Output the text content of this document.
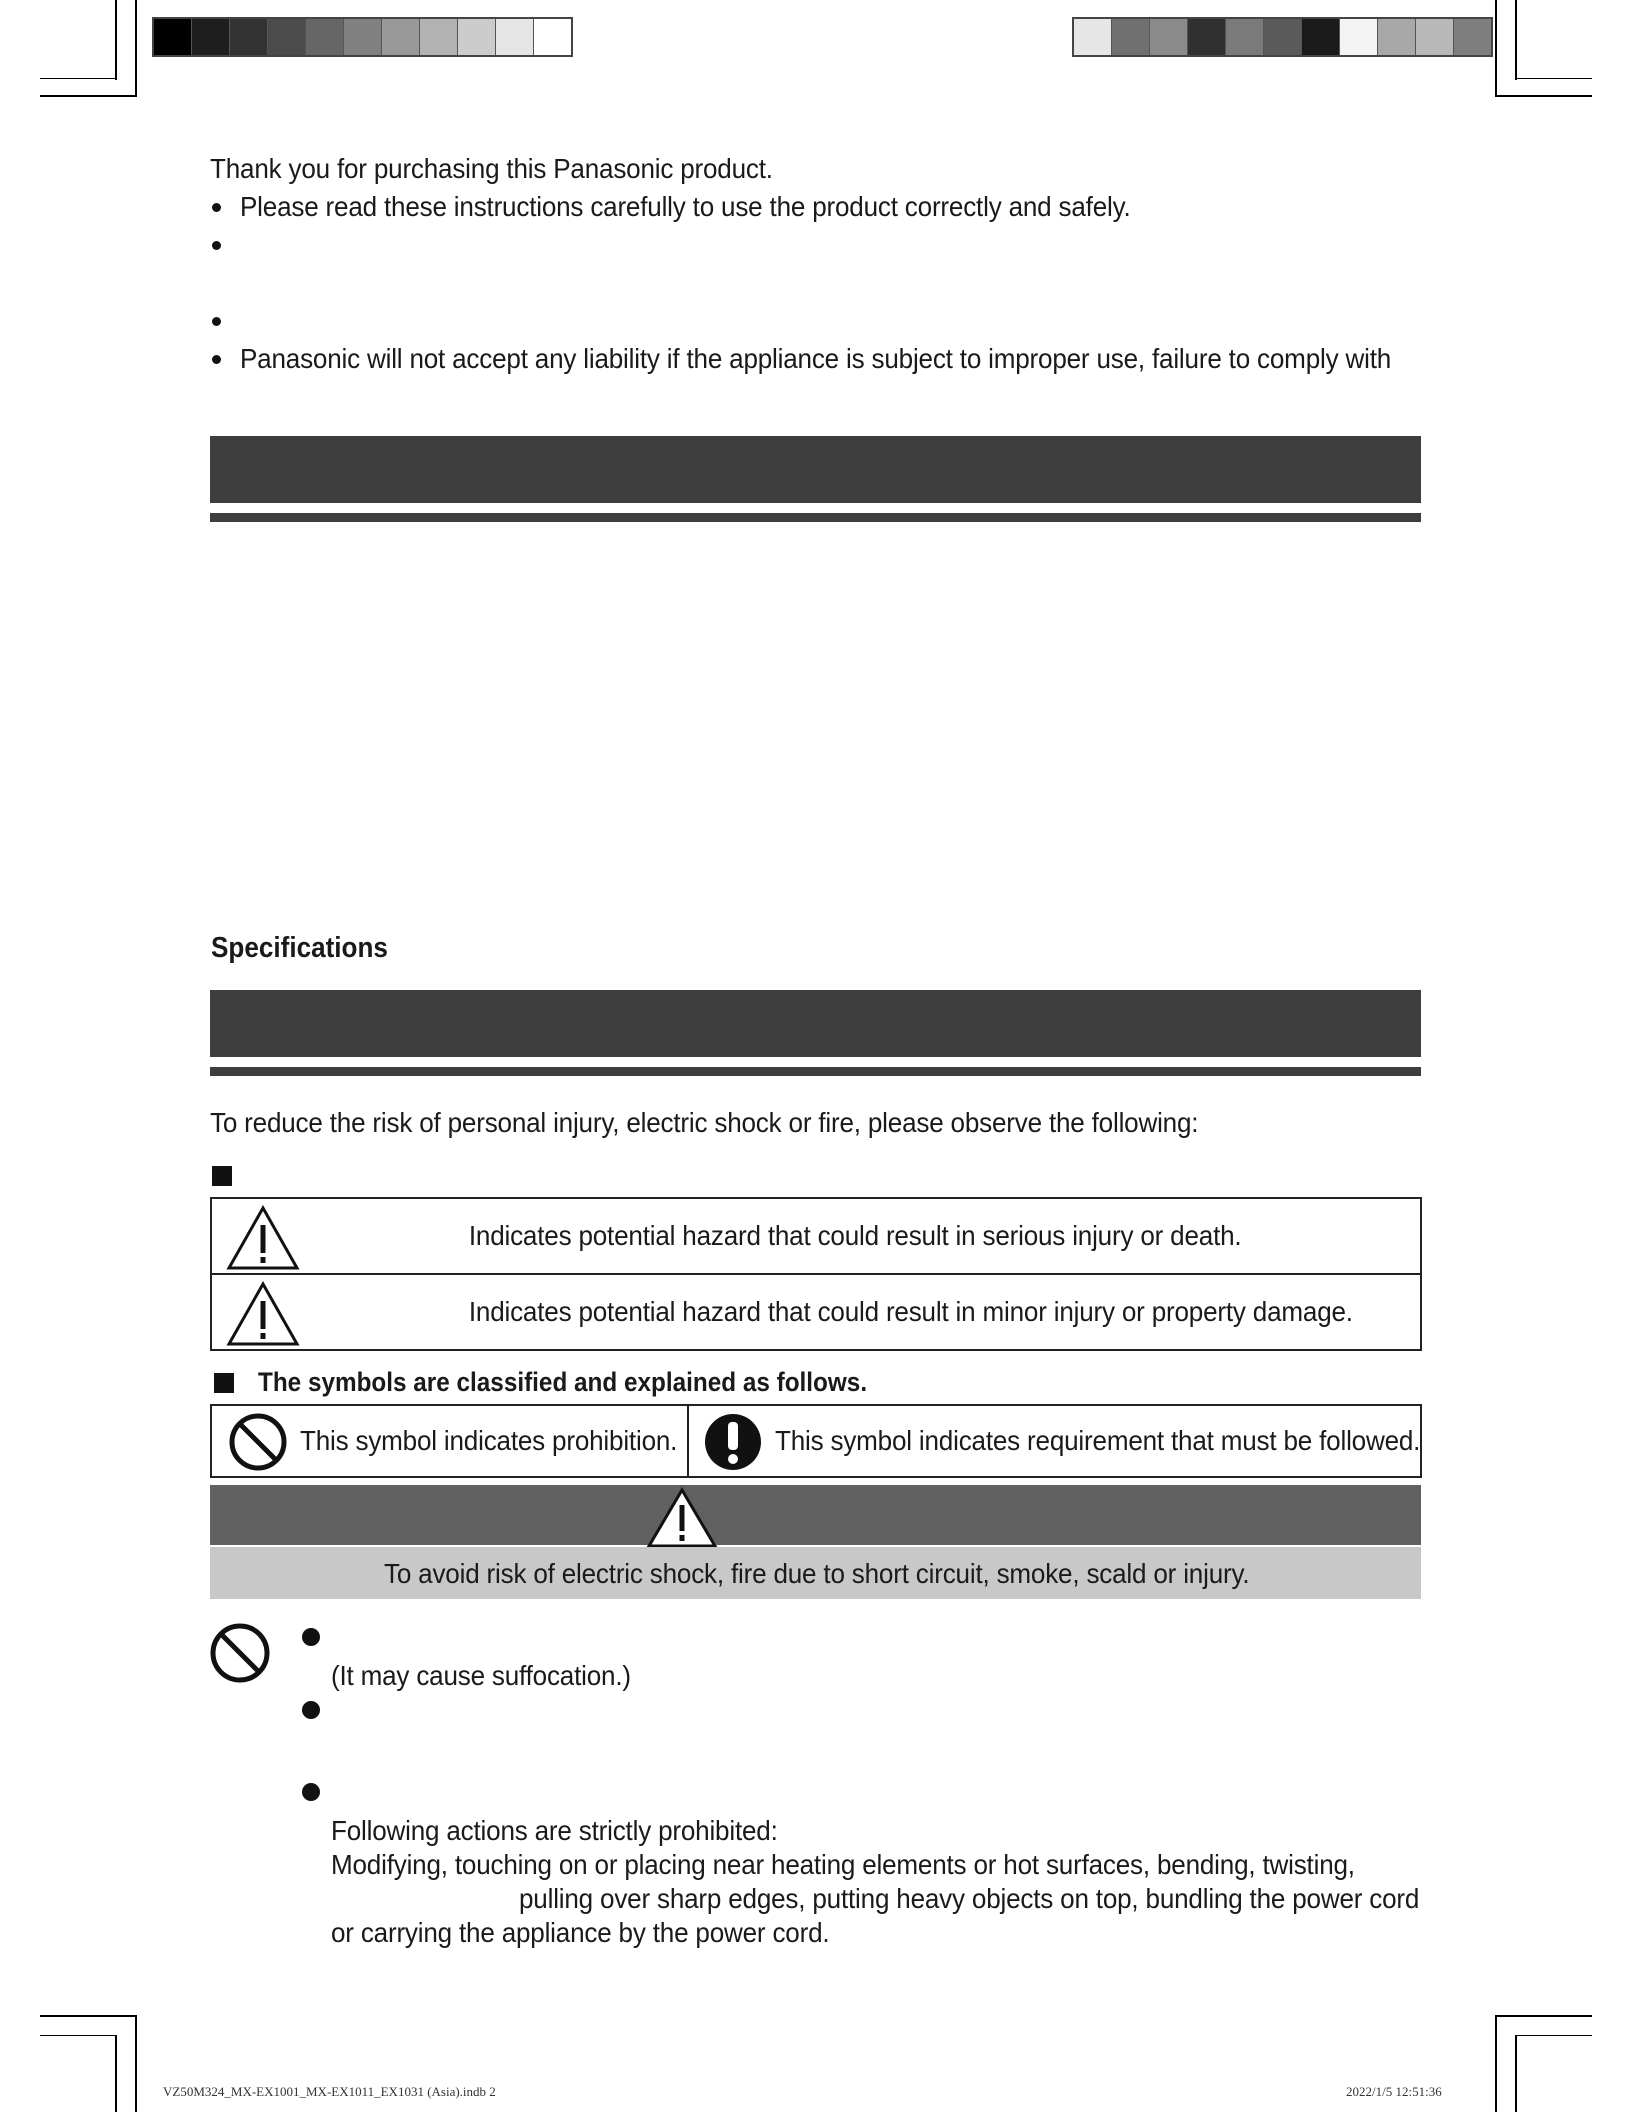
Thank you for purchasing this Panasonic product.
Please read these instructions carefully to use the product correctly and safely.
Panasonic will not accept any liability if the appliance is subject to improper use, failure to comply with
Specifications
To reduce the risk of personal injury, electric shock or fire, please observe the following:

Indicates potential hazard that could result in serious injury or death.

Indicates potential hazard that could result in minor injury or property damage.
The symbols are classified and explained as follows.
This symbol indicates prohibition.	This symbol indicates requirement that must be followed.
To avoid risk of electric shock, fire due to short circuit, smoke, scald or injury.
(It may cause suffocation.)
Following actions are strictly prohibited:
Modifying, touching on or placing near heating elements or hot surfaces, bending, twisting,
pulling over sharp edges, putting heavy objects on top, bundling the power cord
or carrying the appliance by the power cord.
VZ50M324_MX-EX1001_MX-EX1011_EX1031 (Asia).indb 2	2022/1/5 12:51:36
